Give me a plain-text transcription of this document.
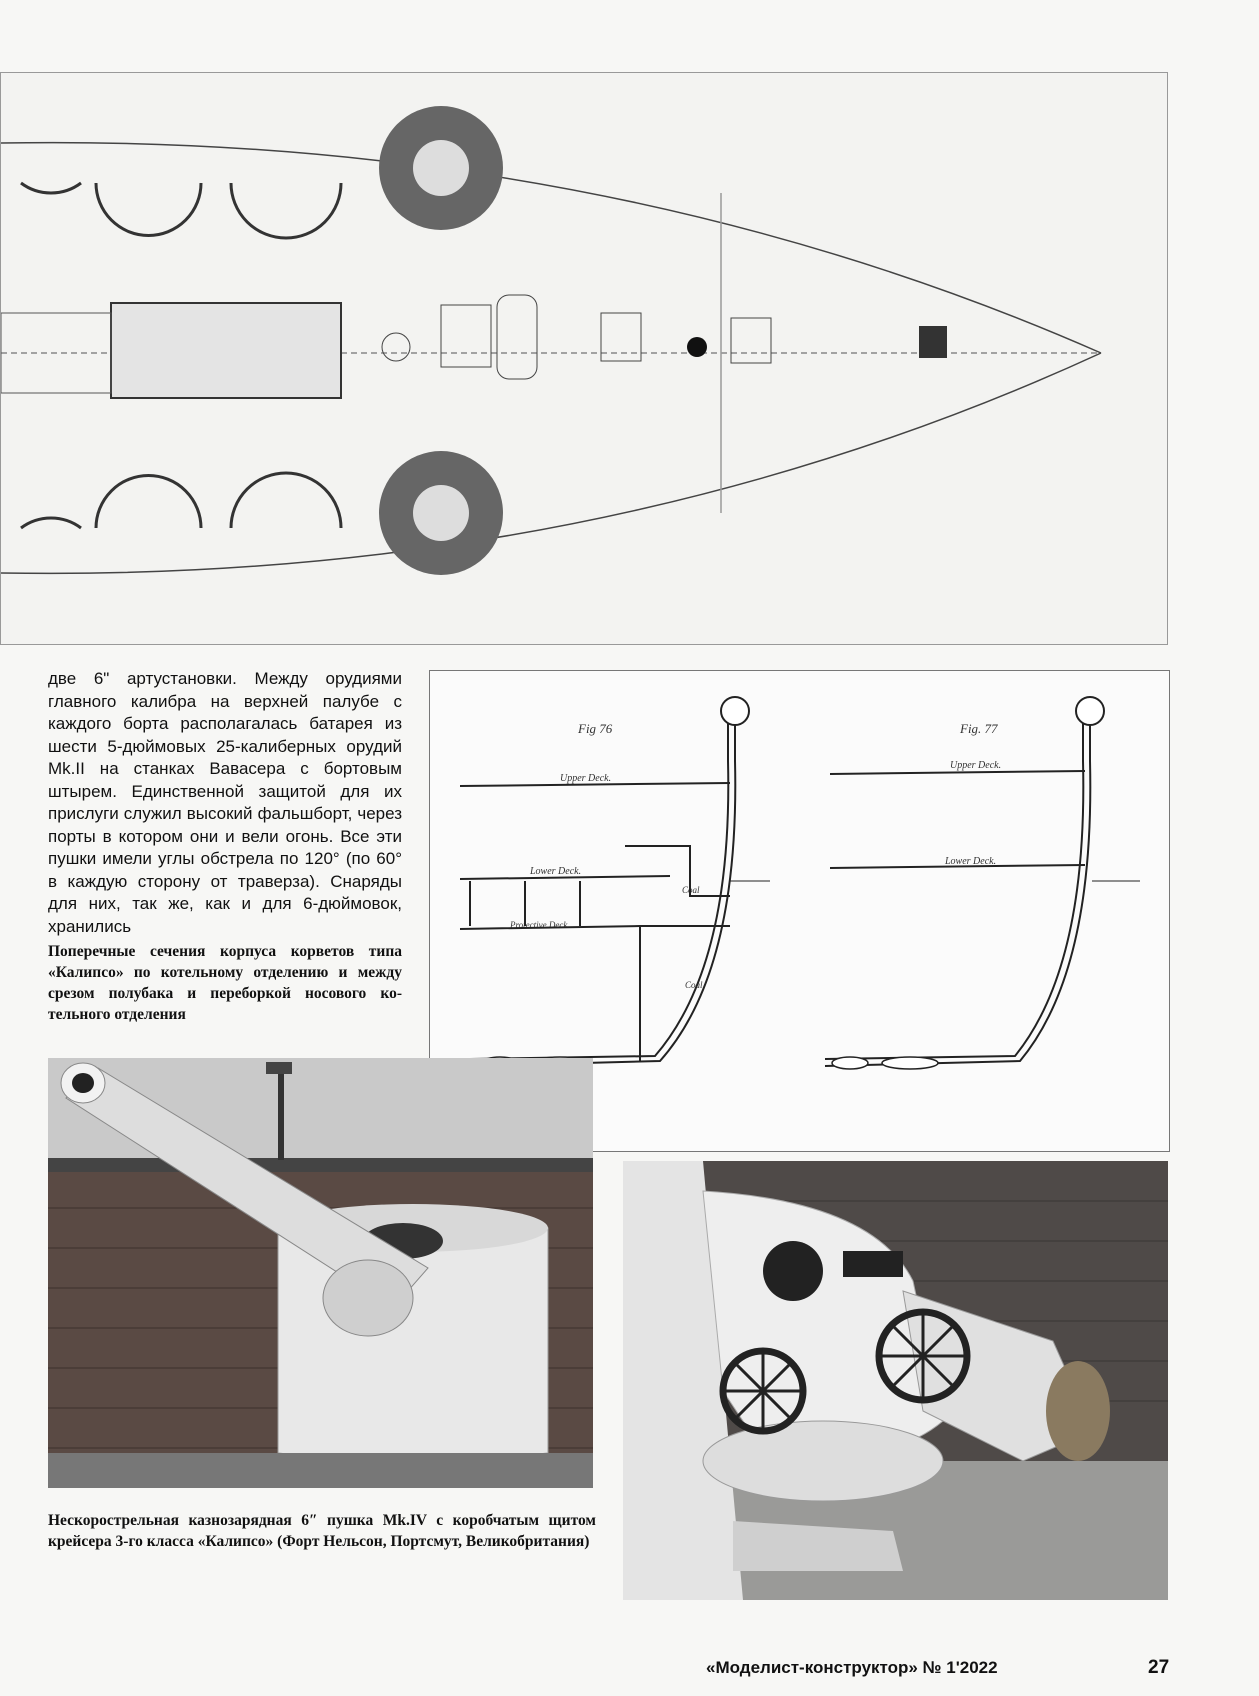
две 6" артустановки. Между орудиями главного калибра на верхней палубе с каждого борта располагалась батарея из шести 5-дюймовых 25-калиберных орудий Mk.II на станках Вавасера с бортовым штырем. Единственной защитой для их прислуги служил высокий фальшборт, через порты в котором они и вели огонь. Все эти пушки имели углы обстрела по 120° (по 60° в каждую сторону от траверза). Снаряды для них, так же, как и для 6-дюймовок, хранились
Fig 76	Fig. 77
Upper Deck.
Upper Deck.
Lower Deck.
Lower Deck.
Protective Deck
Coal
Coal
Поперечные сечения корпуса корветов типа «Калипсо» по котельному отделению и между срезом полубака и переборкой носового котельного отделения
Нескорострельная казнозарядная 6″ пушка Mk.IV с коробчатым щитом крейсера 3-го класса «Калипсо» (Форт Нельсон, Портсмут, Великобритания)
«Моделист-конструктор» № 1'2022	27
